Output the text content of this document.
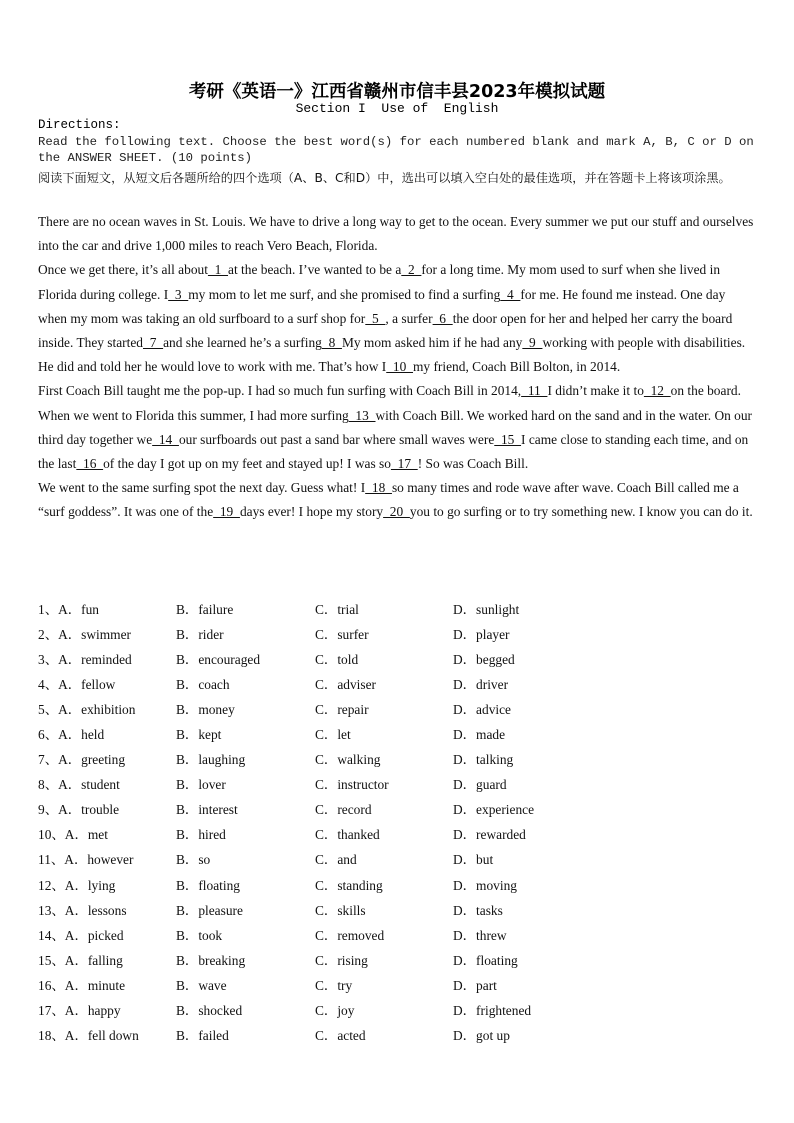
考研《英语一》江西省赣州市信丰县2023年模拟试题
Section I  Use of  English
Directions:
Read the following text. Choose the best word(s) for each numbered blank and mark A, B, C or D on the ANSWER SHEET. (10 points)
阅读下面短文，从短文后各题所给的四个选项（A、B、C和D）中，选出可以填入空白处的最佳选项，并在答题卡上将该项涂黑。

There are no ocean waves in St. Louis. We have to drive a long way to get to the ocean. Every summer we put our stuff and ourselves into the car and drive 1,000 miles to reach Vero Beach, Florida.

Once we get there, it’s all about  1  at the beach. I’ve wanted to be a  2  for a long time. My mom used to surf when she lived in Florida during college. I  3  my mom to let me surf, and she promised to find a surfing  4  for me. He found me instead. One day when my mom was taking an old surfboard to a surf shop for  5  , a surfer  6  the door open for her and helped her carry the board inside. They started  7  and she learned he’s a surfing  8  My mom asked him if he had any  9  working with people with disabilities. He did and told her he would love to work with me. That’s how I  10  my friend, Coach Bill Bolton, in 2014.

First Coach Bill taught me the pop-up. I had so much fun surfing with Coach Bill in 2014,  11  I didn’t make it to  12  on the board.

When we went to Florida this summer, I had more surfing  13  with Coach Bill. We worked hard on the sand and in the water. On our third day together we  14  our surfboards out past a sand bar where small waves were  15  I came close to standing each time, and on the last  16  of the day I got up on my feet and stayed up! I was so  17  ! So was Coach Bill.

We went to the same surfing spot the next day. Guess what! I  18  so many times and rode wave after wave. Coach Bill called me a “surf goddess”. It was one of the  19  days ever! I hope my story  20  you to go surfing or to try something new. I know you can do it.

1、A．fun	B．failure	C．trial	D．sunlight
2、A．swimmer	B．rider	C．surfer	D．player
3、A．reminded	B．encouraged	C．told	D．begged
4、A．fellow	B．coach	C．adviser	D．driver
5、A．exhibition	B．money	C．repair	D．advice
6、A．held	B．kept	C．let	D．made
7、A．greeting	B．laughing	C．walking	D．talking
8、A．student	B．lover	C．instructor	D．guard
9、A．trouble	B．interest	C．record	D．experience
10、A．met	B．hired	C．thanked	D．rewarded
11、A．however	B．so	C．and	D．but
12、A．lying	B．floating	C．standing	D．moving
13、A．lessons	B．pleasure	C．skills	D．tasks
14、A．picked	B．took	C．removed	D．threw
15、A．falling	B．breaking	C．rising	D．floating
16、A．minute	B．wave	C．try	D．part
17、A．happy	B．shocked	C．joy	D．frightened
18、A．fell down	B．failed	C．acted	D．got up
